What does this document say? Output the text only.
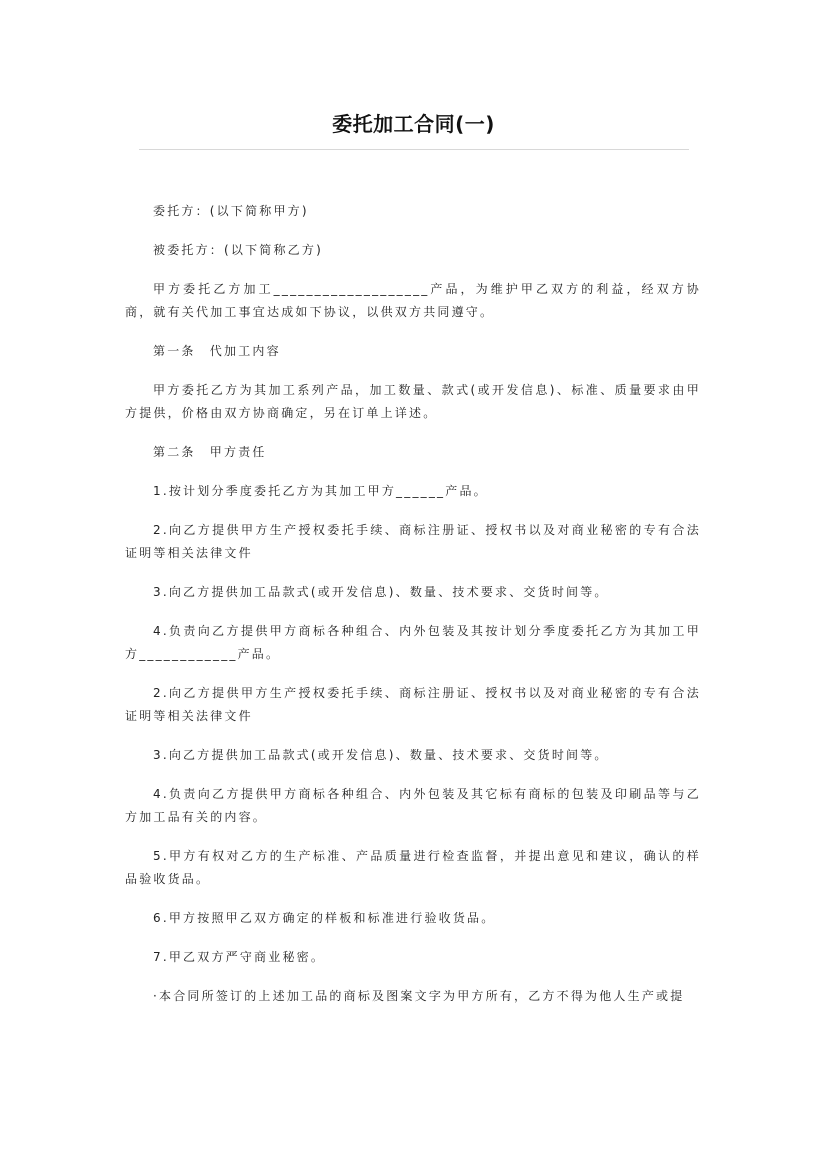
委托加工合同(一)

委托方：(以下简称甲方)

被委托方：(以下简称乙方)

甲方委托乙方加工___________________产品，为维护甲乙双方的利益，经双方协商，就有关代加工事宜达成如下协议，以供双方共同遵守。

第一条　代加工内容

甲方委托乙方为其加工系列产品，加工数量、款式(或开发信息)、标准、质量要求由甲方提供，价格由双方协商确定，另在订单上详述。

第二条　甲方责任

1.按计划分季度委托乙方为其加工甲方______产品。

2.向乙方提供甲方生产授权委托手续、商标注册证、授权书以及对商业秘密的专有合法证明等相关法律文件

3.向乙方提供加工品款式(或开发信息)、数量、技术要求、交货时间等。

4.负责向乙方提供甲方商标各种组合、内外包装及其按计划分季度委托乙方为其加工甲方____________产品。

2.向乙方提供甲方生产授权委托手续、商标注册证、授权书以及对商业秘密的专有合法证明等相关法律文件

3.向乙方提供加工品款式(或开发信息)、数量、技术要求、交货时间等。

4.负责向乙方提供甲方商标各种组合、内外包装及其它标有商标的包装及印刷品等与乙方加工品有关的内容。

5.甲方有权对乙方的生产标准、产品质量进行检查监督，并提出意见和建议，确认的样品验收货品。

6.甲方按照甲乙双方确定的样板和标准进行验收货品。

7.甲乙双方严守商业秘密。

·本合同所签订的上述加工品的商标及图案文字为甲方所有，乙方不得为他人生产或提
